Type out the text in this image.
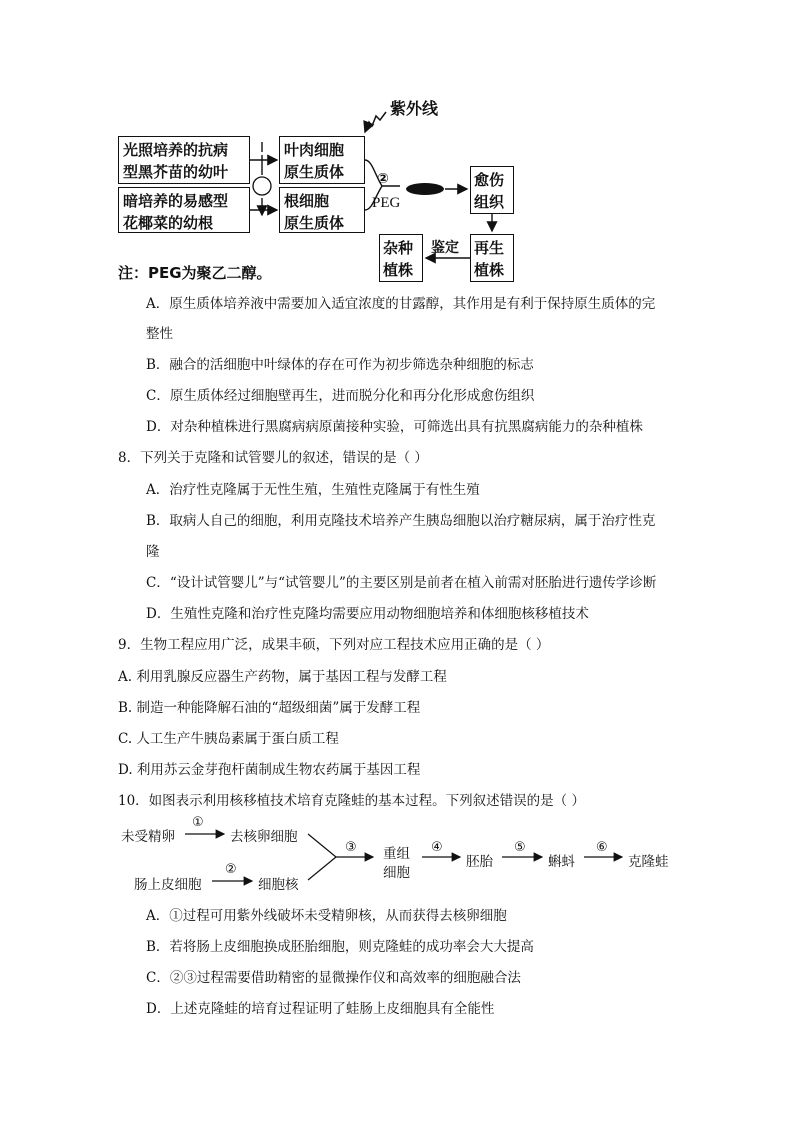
紫外线
光照培养的抗病
型黑芥苗的幼叶
暗培养的易感型
花椰菜的幼根
叶肉细胞
原生质体
根细胞
原生质体
愈伤
组织
再生
植株
杂种
植株
②
PEG
鉴定
注：PEG为聚乙二醇。
A．原生质体培养液中需要加入适宜浓度的甘露醇，其作用是有利于保持原生质体的完
整性
B．融合的活细胞中叶绿体的存在可作为初步筛选杂种细胞的标志
C．原生质体经过细胞壁再生，进而脱分化和再分化形成愈伤组织
D．对杂种植株进行黑腐病病原菌接种实验，可筛选出具有抗黑腐病能力的杂种植株
8．下列关于克隆和试管婴儿的叙述，错误的是（ ）
A．治疗性克隆属于无性生殖，生殖性克隆属于有性生殖
B．取病人自己的细胞，利用克隆技术培养产生胰岛细胞以治疗糖尿病，属于治疗性克
隆
C．“设计试管婴儿”与“试管婴儿”的主要区别是前者在植入前需对胚胎进行遗传学诊断
D．生殖性克隆和治疗性克隆均需要应用动物细胞培养和体细胞核移植技术
9．生物工程应用广泛，成果丰硕，下列对应工程技术应用正确的是（ ）
A. 利用乳腺反应器生产药物，属于基因工程与发酵工程
B. 制造一种能降解石油的“超级细菌”属于发酵工程
C. 人工生产牛胰岛素属于蛋白质工程
D. 利用苏云金芽孢杆菌制成生物农药属于基因工程
10．如图表示利用核移植技术培育克隆蛙的基本过程。下列叙述错误的是（ ）
未受精卵
①
去核卵细胞
肠上皮细胞
②
细胞核
③ 重组
细胞
④
胚胎
⑤
蝌蚪
⑥
克隆蛙
A．①过程可用紫外线破坏未受精卵核，从而获得去核卵细胞
B．若将肠上皮细胞换成胚胎细胞，则克隆蛙的成功率会大大提高
C．②③过程需要借助精密的显微操作仪和高效率的细胞融合法
D．上述克隆蛙的培育过程证明了蛙肠上皮细胞具有全能性
